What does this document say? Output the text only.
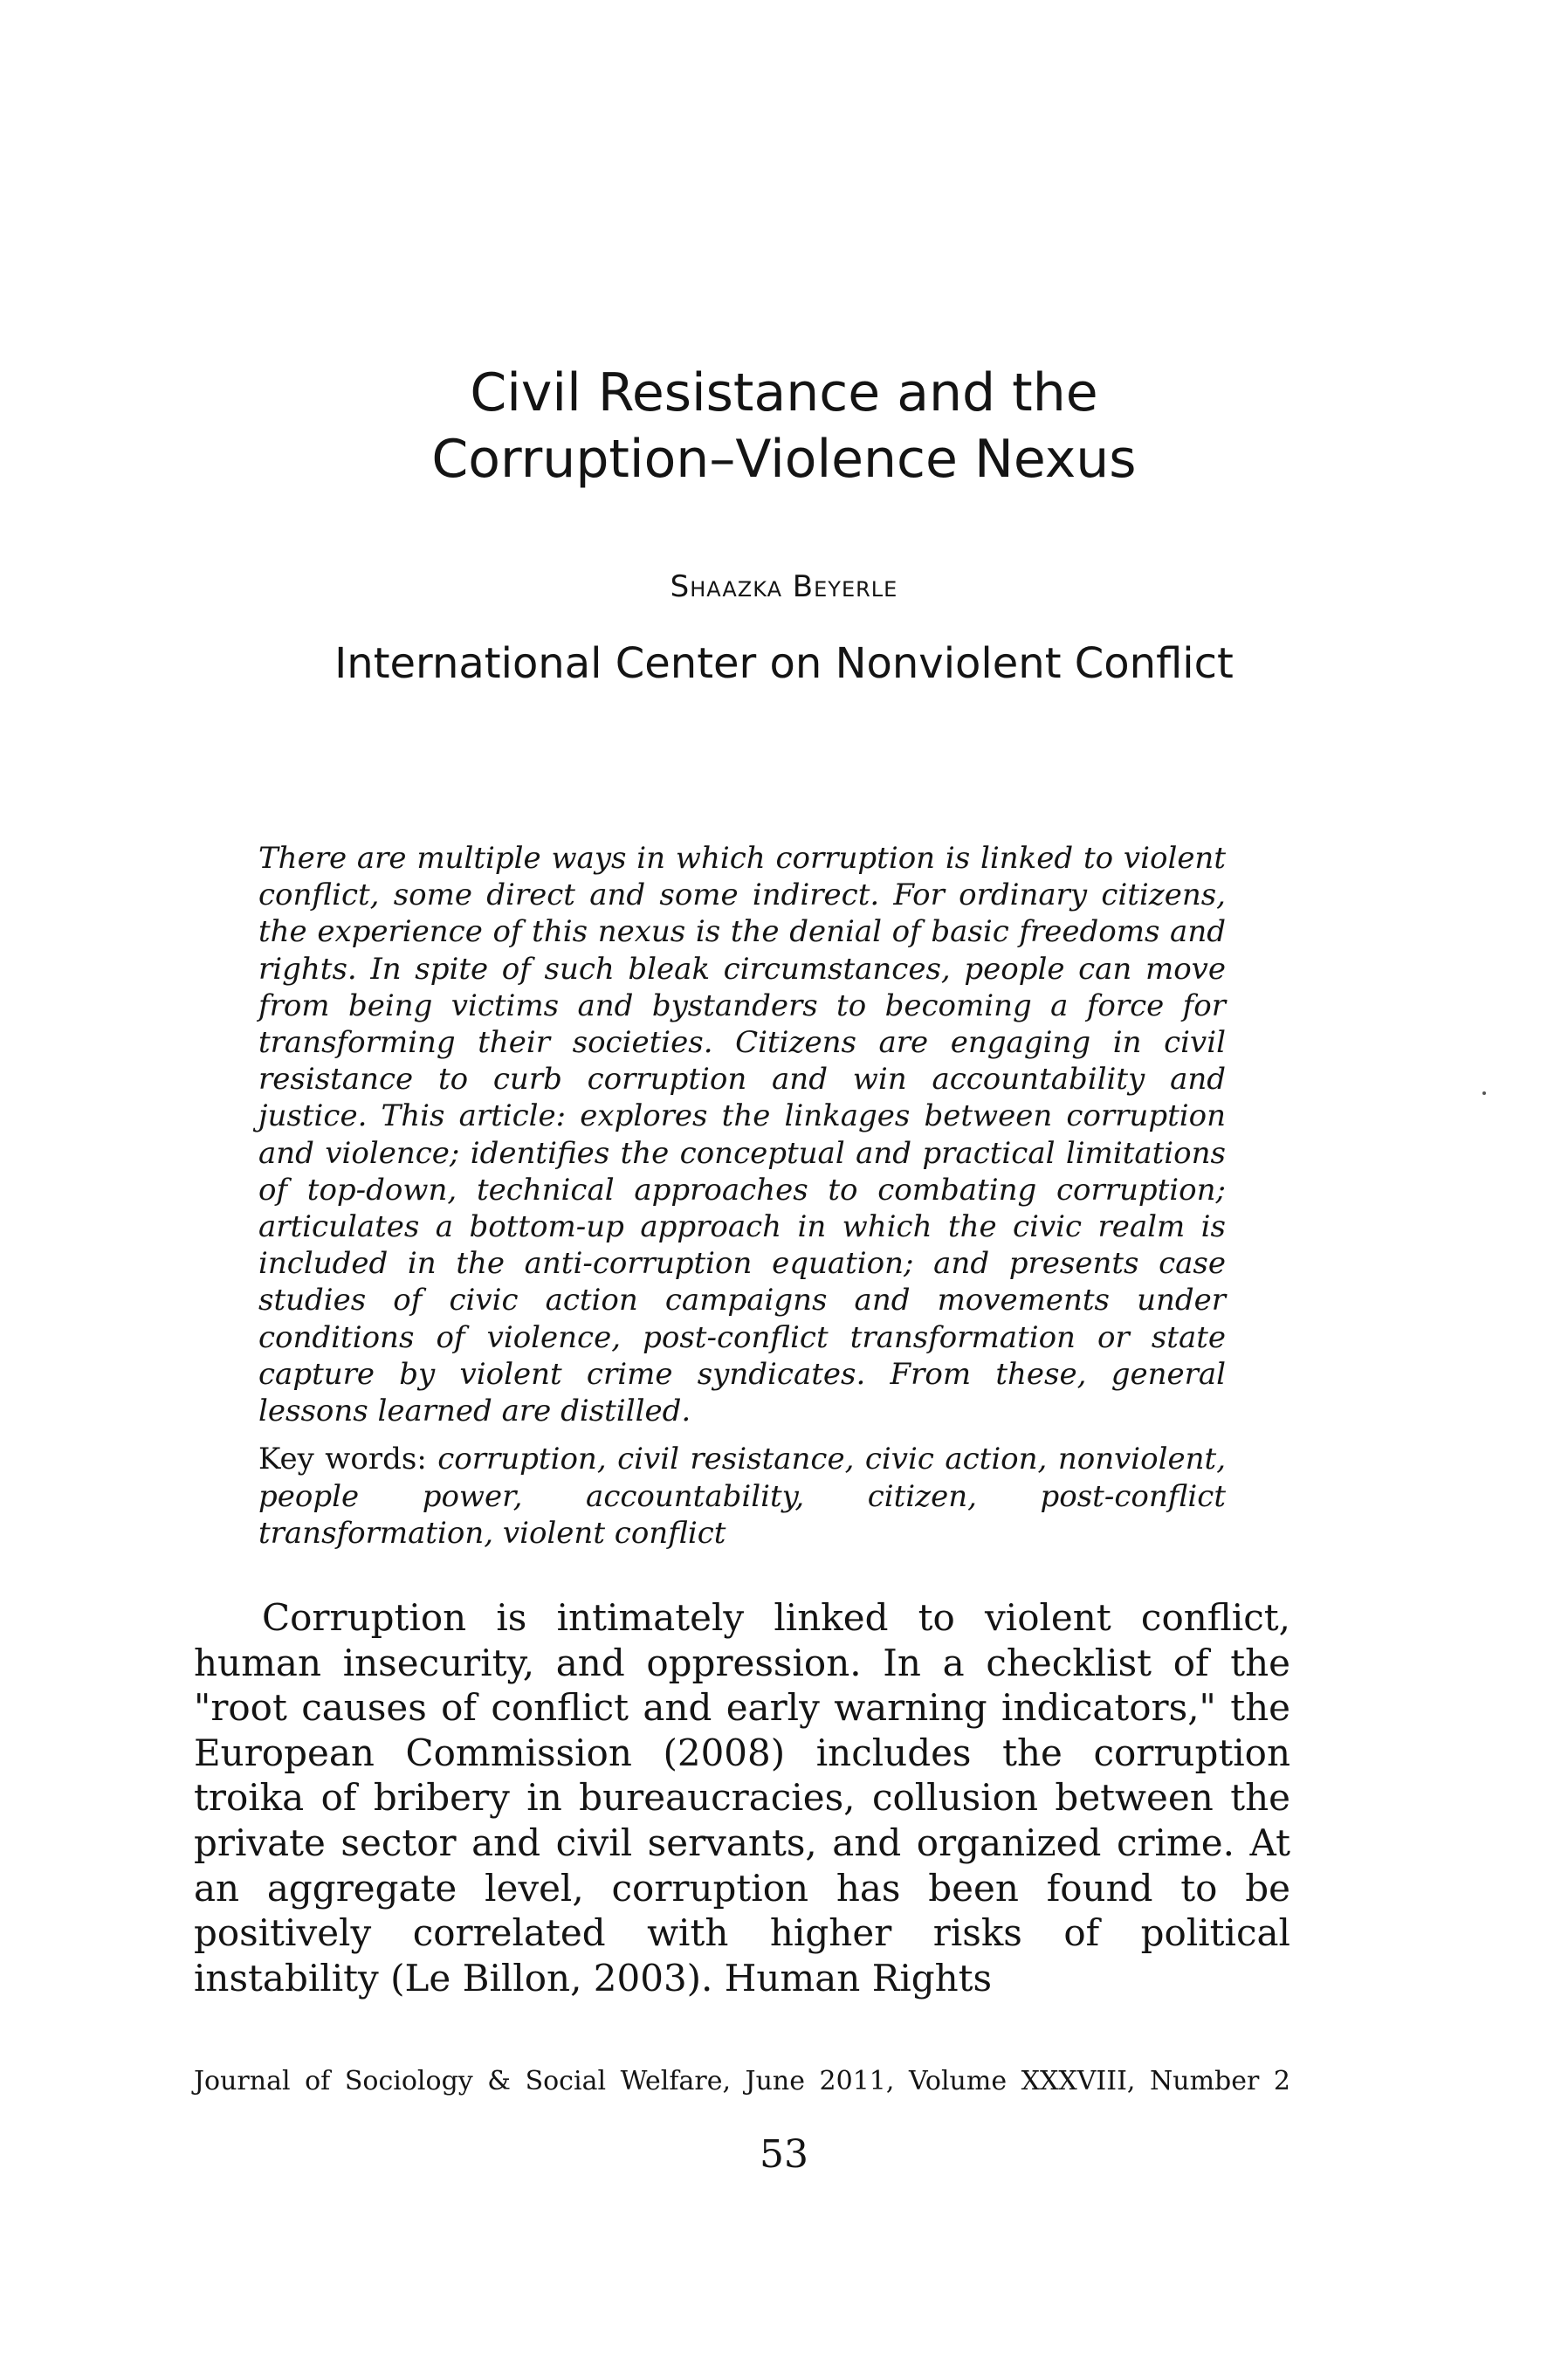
Civil Resistance and the
Corruption–Violence Nexus
Shaazka Beyerle
International Center on Nonviolent Conflict

There are multiple ways in which corruption is linked to violent conflict, some direct and some indirect. For ordinary citizens, the experience of this nexus is the denial of basic freedoms and rights. In spite of such bleak circumstances, people can move from being victims and bystanders to becoming a force for transforming their societies. Citizens are engaging in civil resistance to curb corruption and win accountability and justice. This article: explores the linkages between corruption and violence; identifies the conceptual and practical limitations of top-down, technical approaches to combating corruption; articulates a bottom-up approach in which the civic realm is included in the anti-corruption equation; and presents case studies of civic action campaigns and movements under conditions of violence, post-conflict transformation or state capture by violent crime syndicates. From these, general lessons learned are distilled.

Key words: corruption, civil resistance, civic action, nonviolent, people power, accountability, citizen, post-conflict transformation, violent conflict

Corruption is intimately linked to violent conflict, human insecurity, and oppression. In a checklist of the "root causes of conflict and early warning indicators," the European Commission (2008) includes the corruption troika of bribery in bureaucracies, collusion between the private sector and civil servants, and organized crime. At an aggregate level, corruption has been found to be positively correlated with higher risks of political instability (Le Billon, 2003). Human Rights

Journal of Sociology & Social Welfare, June 2011, Volume XXXVIII, Number 2

53
